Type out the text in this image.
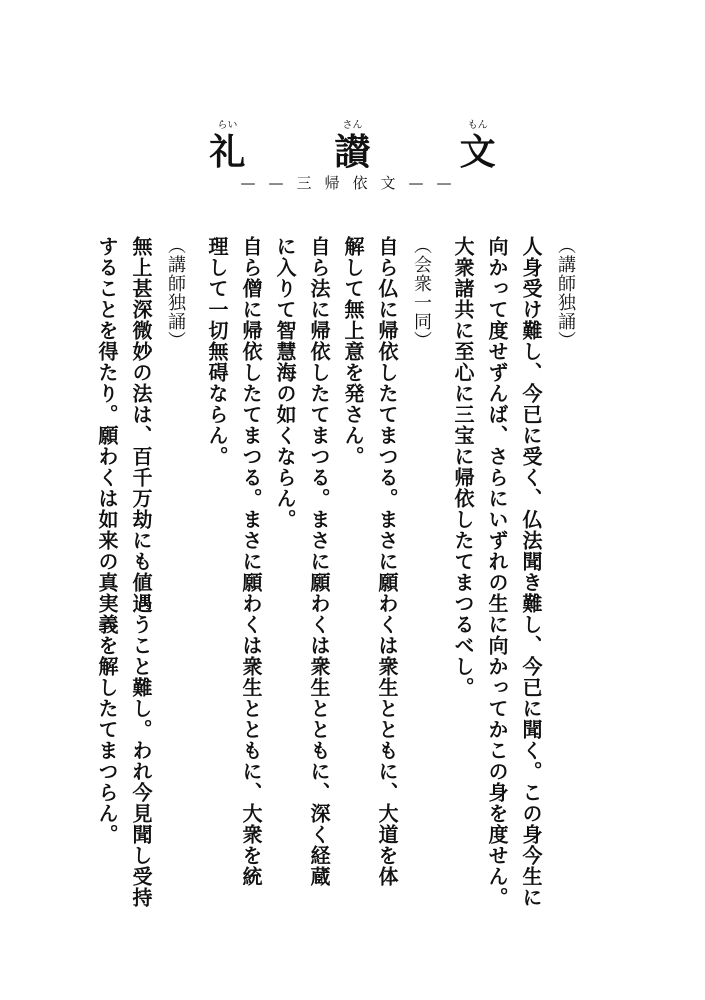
らい
礼

さん
讃

もん
文
——三帰依文——
（講師独誦）
人身受け難し、今已に受く、仏法聞き難し、今已に聞く。この身今生に
向かって度せずんば、さらにいずれの生に向かってかこの身を度せん。
大衆諸共に至心に三宝に帰依したてまつるべし。
（会衆一同）
自ら仏に帰依したてまつる。まさに願わくは衆生とともに、大道を体
解して無上意を発さん。
自ら法に帰依したてまつる。まさに願わくは衆生とともに、深く経蔵
に入りて智慧海の如くならん。
自ら僧に帰依したてまつる。まさに願わくは衆生とともに、大衆を統
理して一切無碍ならん。
（講師独誦）
無上甚深微妙の法は、百千万劫にも値遇うこと難し。われ今見聞し受持
することを得たり。願わくは如来の真実義を解したてまつらん。
